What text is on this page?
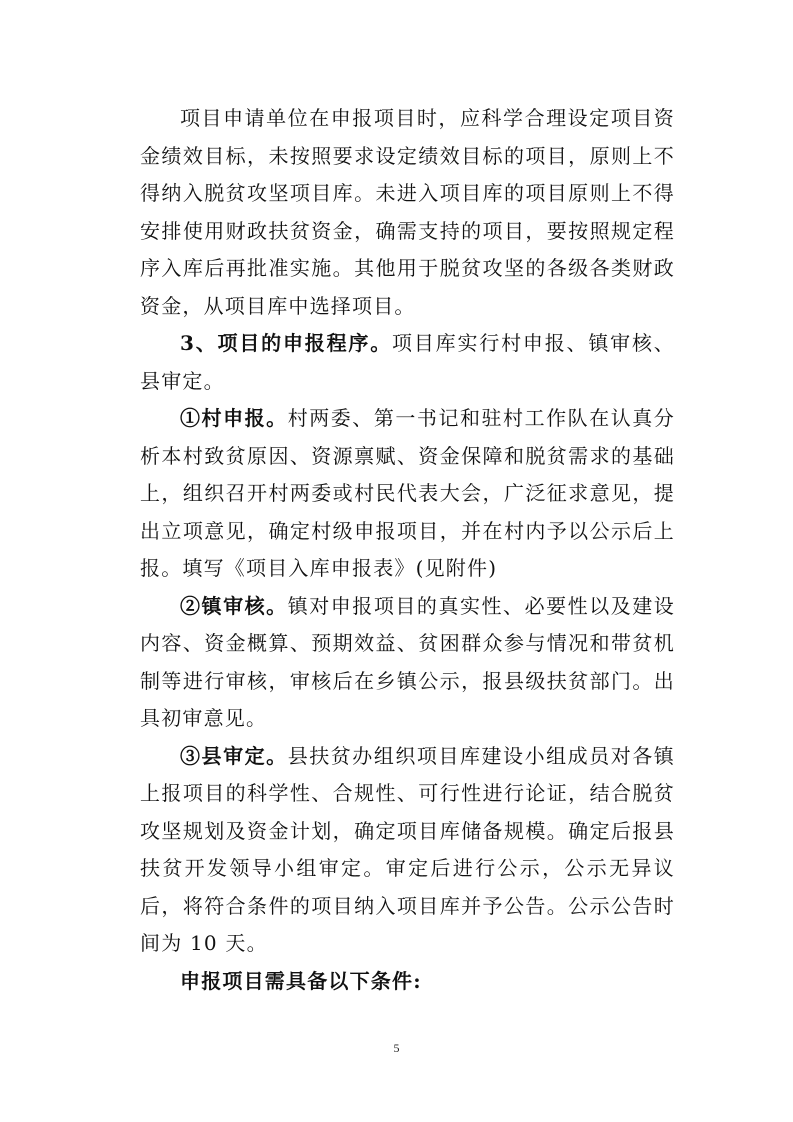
项目申请单位在申报项目时，应科学合理设定项目资金绩效目标，未按照要求设定绩效目标的项目，原则上不得纳入脱贫攻坚项目库。未进入项目库的项目原则上不得安排使用财政扶贫资金，确需支持的项目，要按照规定程序入库后再批准实施。其他用于脱贫攻坚的各级各类财政资金，从项目库中选择项目。

3、项目的申报程序。项目库实行村申报、镇审核、县审定。

①村申报。村两委、第一书记和驻村工作队在认真分析本村致贫原因、资源禀赋、资金保障和脱贫需求的基础上，组织召开村两委或村民代表大会，广泛征求意见，提出立项意见，确定村级申报项目，并在村内予以公示后上报。填写《项目入库申报表》(见附件)

②镇审核。镇对申报项目的真实性、必要性以及建设内容、资金概算、预期效益、贫困群众参与情况和带贫机制等进行审核，审核后在乡镇公示，报县级扶贫部门。出具初审意见。

③县审定。县扶贫办组织项目库建设小组成员对各镇上报项目的科学性、合规性、可行性进行论证，结合脱贫攻坚规划及资金计划，确定项目库储备规模。确定后报县扶贫开发领导小组审定。审定后进行公示，公示无异议后，将符合条件的项目纳入项目库并予公告。公示公告时间为 10 天。

申报项目需具备以下条件:

5
